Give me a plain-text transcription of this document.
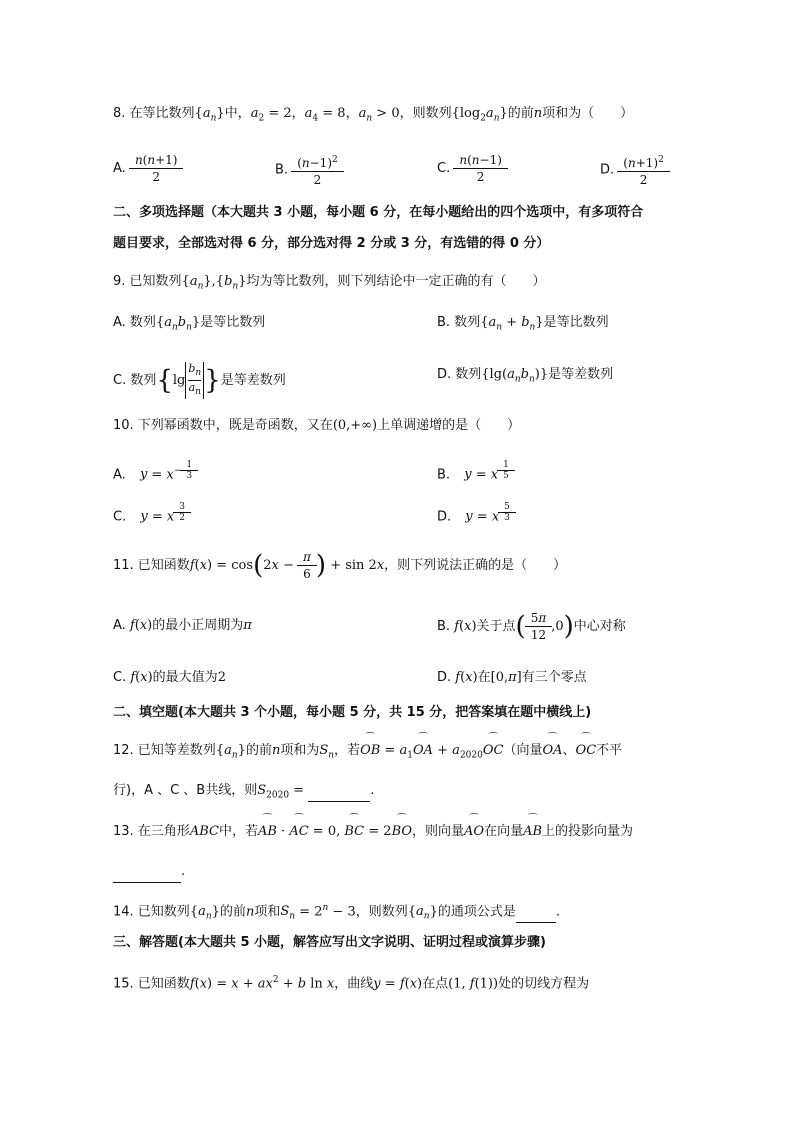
8. 在等比数列$\{a_n\}$中，$a_2 = 2$，$a_4 = 8$，$a_n > 0$，则数列$\{\log_2a_n\}$的前n项和为（　　）
A. $\frac{n(n+1)}{2}$	B. $\frac{(n-1)^2}{2}$	C. $\frac{n(n-1)}{2}$	D. $\frac{(n+1)^2}{2}$
二、多项选择题（本大题共 3 小题，每小题 6 分，在每小题给出的四个选项中，有多项符合
题目要求，全部选对得 6 分，部分选对得 2 分或 3 分，有选错的得 0 分）
9. 已知数列$\{a_n\},\{b_n\}$均为等比数列，则下列结论中一定正确的有（　　）
A. 数列$\{a_nb_n\}$是等比数列	B. 数列$\{a_n + b_n\}$是等比数列
C. 数列{$\lg \frac{b_n}{a_n}$ }是等差数列	D. 数列$\{\lg(a_nb_n)\}$是等差数列
10. 下列幂函数中，既是奇函数，又在(0,+∞)上单调递增的是（　　）
A. $y = x^{- \frac{1}{3}}$	B. y = x $^{\frac{1}{5}}$
C. y = x $^{\frac{3}{2}}$	D. y = x $^{\frac{5}{3}}$
11. 已知函数$f(x) = \cos(2x - \frac{\pi}{6}$ ) + sin 2x，则下列说法正确的是（　　）
A. f(x)的最小正周期为π	B. f(x)关于点( $\frac{5\pi}{12} ,0$)中心对称
C. f(x)的最大值为2	D. f(x)在[0,π]有三个零点
二、填空题(本大题共 3 个小题，每小题 5 分，共 15 分，把答案填在题中横线上)
12. 已知等差数列$\{a_n\}$的前n项和为$S_n$，若⌒ OB = $a_1⌒$ OA + $a_{2020}⌒$ OC（向量⌒ OA、⌒ OC不平
行)，A 、C 、B共线，则$S_{2020}$ =	.
13. 在三角形ABC中，若⌒ AB · ⌒ AC = 0, ⌒ BC = 2⌒ BO，则向量⌒ AO在向量⌒ AB上的投影向量为
.
14. 已知数列$\{a_n\}$的前n项和$S_n = 2^n - 3$，则数列$\{a_n\}$的通项公式是	.
三、解答题(本大题共 5 小题，解答应写出文字说明、证明过程或演算步骤)
15. 已知函数$f(x) = x + ax^2 + b$ ln x，曲线y = f(x)在点(1, f(1))处的切线方程为
